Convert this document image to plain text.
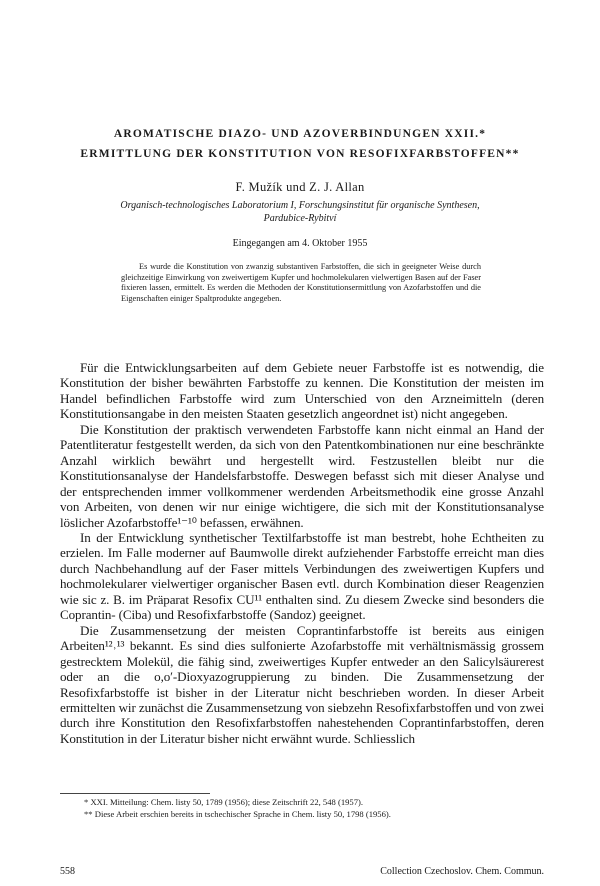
AROMATISCHE DIAZO- UND AZOVERBINDUNGEN XXII.*
ERMITTLUNG DER KONSTITUTION VON RESOFIXFARBSTOFFEN**
F. Mužík und Z. J. Allan
Organisch-technologisches Laboratorium I, Forschungsinstitut für organische Synthesen,
Pardubice-Rybitví
Eingegangen am 4. Oktober 1955

Es wurde die Konstitution von zwanzig substantiven Farbstoffen, die sich in geeigneter Weise durch gleichzeitige Einwirkung von zweiwertigem Kupfer und hochmolekularen vielwertigen Basen auf der Faser fixieren lassen, ermittelt. Es werden die Methoden der Konstitutionsermittlung von Azofarbstoffen und die Eigenschaften einiger Spaltprodukte angegeben.

Für die Entwicklungsarbeiten auf dem Gebiete neuer Farbstoffe ist es notwendig, die Konstitution der bisher bewährten Farbstoffe zu kennen. Die Konstitution der meisten im Handel befindlichen Farbstoffe wird zum Unterschied von den Arzneimitteln (deren Konstitutionsangabe in den meisten Staaten gesetzlich angeordnet ist) nicht angegeben.

Die Konstitution der praktisch verwendeten Farbstoffe kann nicht einmal an Hand der Patentliteratur festgestellt werden, da sich von den Patentkombinationen nur eine beschränkte Anzahl wirklich bewährt und hergestellt wird. Festzustellen bleibt nur die Konstitutionsanalyse der Handelsfarbstoffe. Deswegen befasst sich mit dieser Analyse und der entsprechenden immer vollkommener werdenden Arbeitsmethodik eine grosse Anzahl von Arbeiten, von denen wir nur einige wichtigere, die sich mit der Konstitutionsanalyse löslicher Azofarbstoffe¹⁻¹⁰ befassen, erwähnen.

In der Entwicklung synthetischer Textilfarbstoffe ist man bestrebt, hohe Echtheiten zu erzielen. Im Falle moderner auf Baumwolle direkt aufziehender Farbstoffe erreicht man dies durch Nachbehandlung auf der Faser mittels Verbindungen des zweiwertigen Kupfers und hochmolekularer vielwertiger organischer Basen evtl. durch Kombination dieser Reagenzien wie sic z. B. im Präparat Resofix CU¹¹ enthalten sind. Zu diesem Zwecke sind besonders die Coprantin- (Ciba) und Resofixfarbstoffe (Sandoz) geeignet.

Die Zusammensetzung der meisten Coprantinfarbstoffe ist bereits aus einigen Arbeiten¹²˒¹³ bekannt. Es sind dies sulfonierte Azofarbstoffe mit verhältnismässig grossem gestrecktem Molekül, die fähig sind, zweiwertiges Kupfer entweder an den Salicylsäurerest oder an die o,o′-Dioxyazogruppierung zu binden. Die Zusammensetzung der Resofixfarbstoffe ist bisher in der Literatur nicht beschrieben worden. In dieser Arbeit ermittelten wir zunächst die Zusammensetzung von siebzehn Resofixfarbstoffen und von zwei durch ihre Konstitution den Resofixfarbstoffen nahestehenden Coprantinfarbstoffen, deren Konstitution in der Literatur bisher nicht erwähnt wurde. Schliesslich

* XXI. Mitteilung: Chem. listy 50, 1789 (1956); diese Zeitschrift 22, 548 (1957).
** Diese Arbeit erschien bereits in tschechischer Sprache in Chem. listy 50, 1798 (1956).
558	Collection Czechoslov. Chem. Commun.
